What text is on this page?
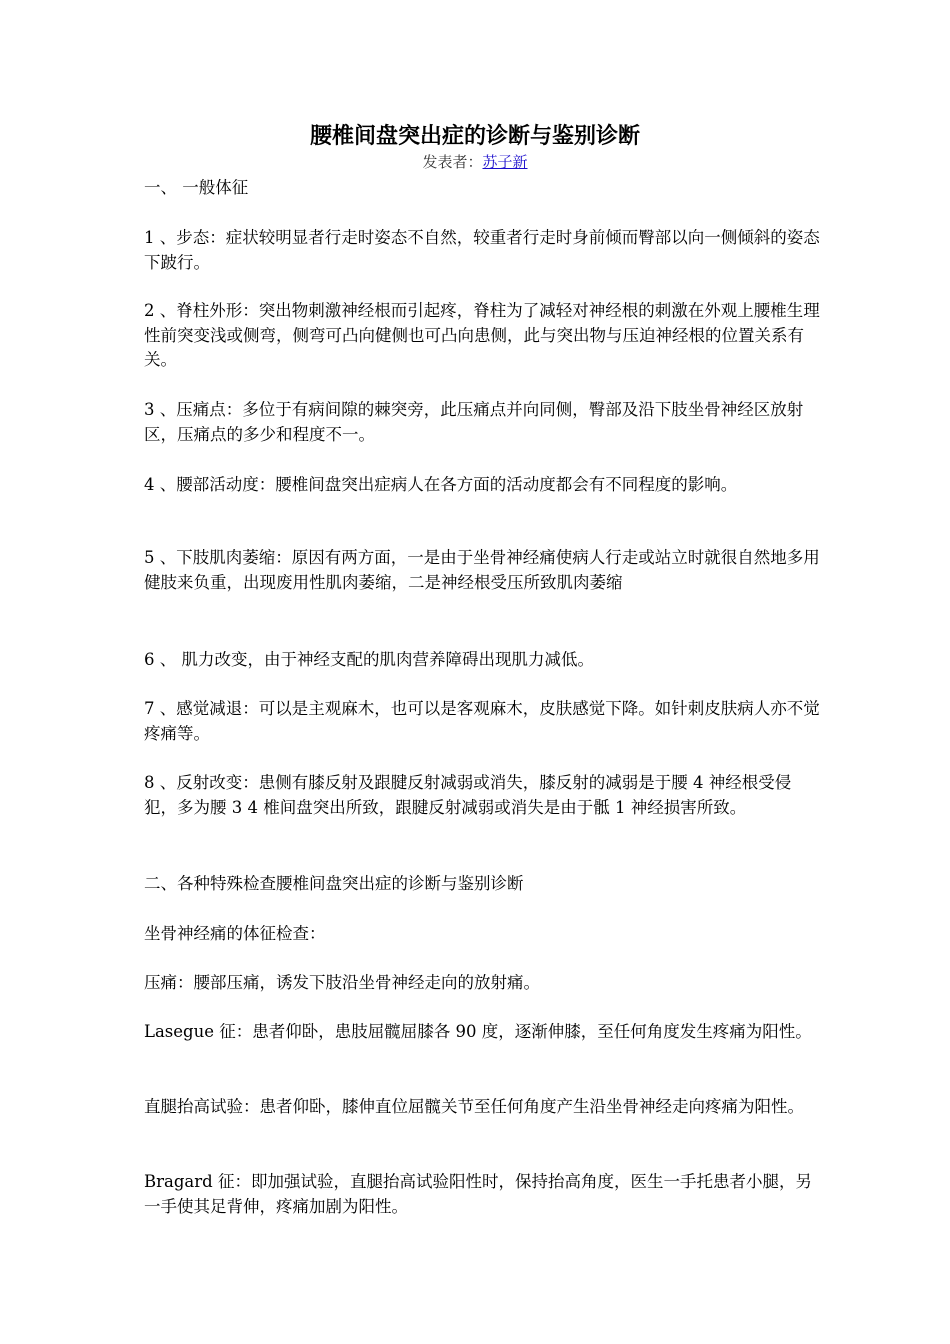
腰椎间盘突出症的诊断与鉴别诊断
发表者：苏子新

一、 一般体征

1 、步态：症状较明显者行走时姿态不自然，较重者行走时身前倾而臀部以向一侧倾斜的姿态下跛行。

2 、脊柱外形：突出物刺激神经根而引起疼，脊柱为了减轻对神经根的刺激在外观上腰椎生理性前突变浅或侧弯，侧弯可凸向健侧也可凸向患侧，此与突出物与压迫神经根的位置关系有关。

3 、压痛点：多位于有病间隙的棘突旁，此压痛点并向同侧，臀部及沿下肢坐骨神经区放射区，压痛点的多少和程度不一。

4 、腰部活动度：腰椎间盘突出症病人在各方面的活动度都会有不同程度的影响。

5 、下肢肌肉萎缩：原因有两方面，一是由于坐骨神经痛使病人行走或站立时就很自然地多用健肢来负重，出现废用性肌肉萎缩，二是神经根受压所致肌肉萎缩

6 、 肌力改变，由于神经支配的肌肉营养障碍出现肌力减低。

7 、感觉减退：可以是主观麻木，也可以是客观麻木，皮肤感觉下降。如针刺皮肤病人亦不觉疼痛等。

8 、反射改变：患侧有膝反射及跟腱反射减弱或消失，膝反射的减弱是于腰 4 神经根受侵犯，多为腰 3 4 椎间盘突出所致，跟腱反射减弱或消失是由于骶 1 神经损害所致。

二、各种特殊检查腰椎间盘突出症的诊断与鉴别诊断

坐骨神经痛的体征检查：

压痛：腰部压痛，诱发下肢沿坐骨神经走向的放射痛。

Lasegue 征：患者仰卧，患肢屈髋屈膝各 90 度，逐渐伸膝，至任何角度发生疼痛为阳性。

直腿抬高试验：患者仰卧，膝伸直位屈髋关节至任何角度产生沿坐骨神经走向疼痛为阳性。

Bragard 征：即加强试验，直腿抬高试验阳性时，保持抬高角度，医生一手托患者小腿，另一手使其足背伸，疼痛加剧为阳性。
